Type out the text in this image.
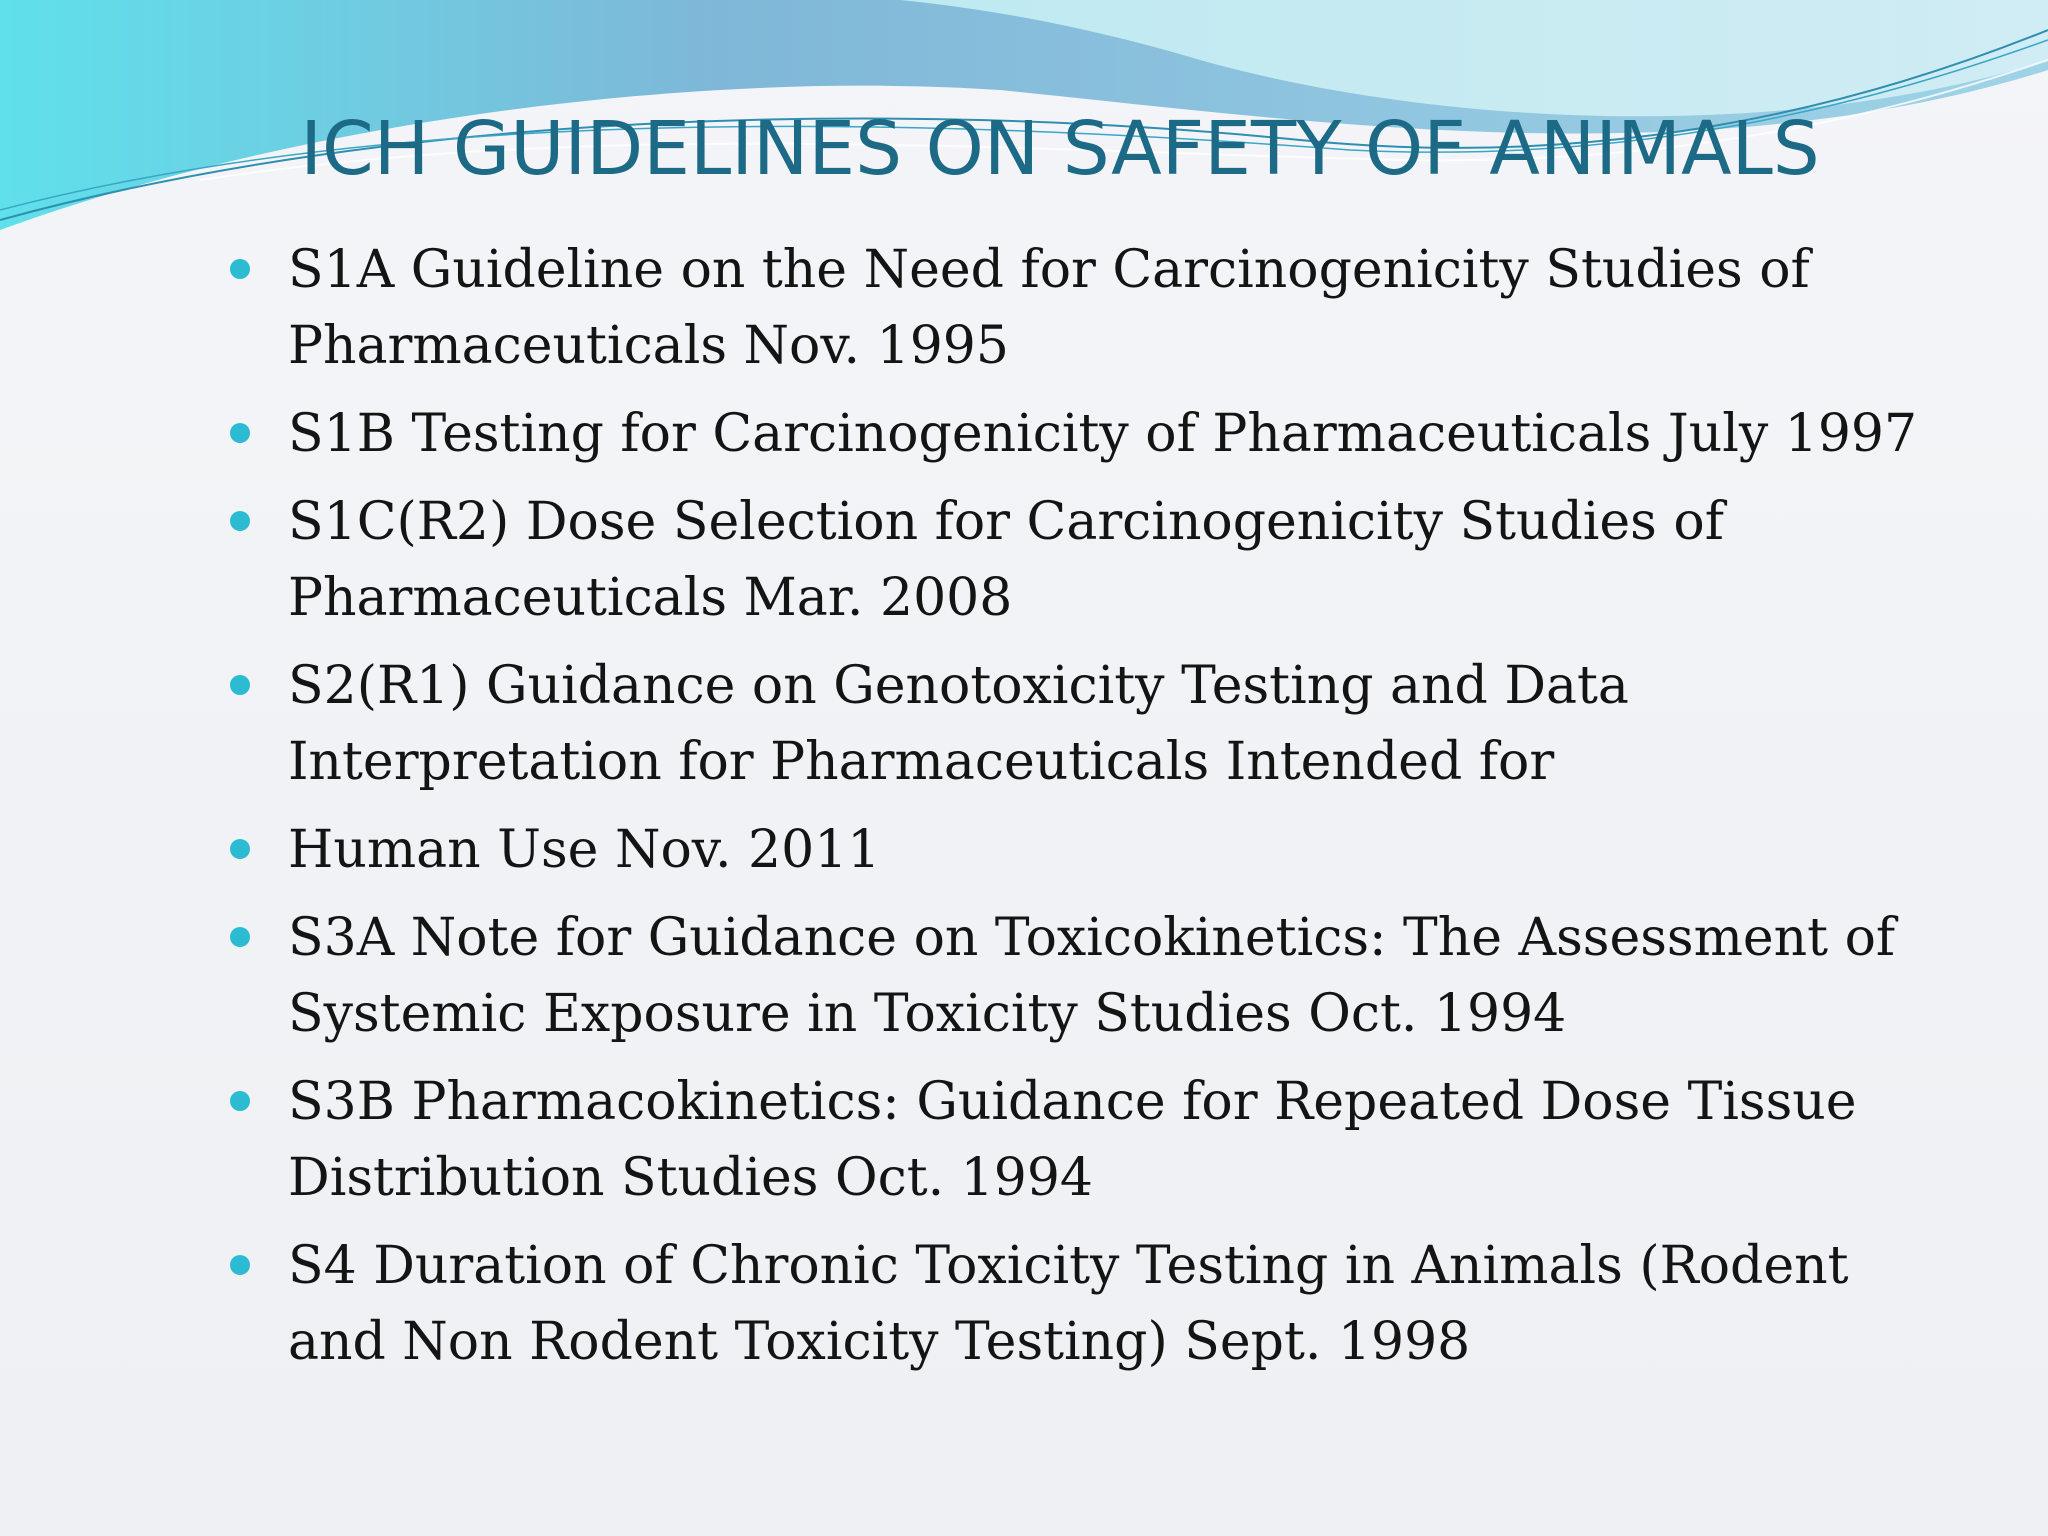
ICH GUIDELINES ON SAFETY OF ANIMALS
S1A Guideline on the Need for Carcinogenicity Studies of Pharmaceuticals Nov. 1995
S1B Testing for Carcinogenicity of Pharmaceuticals July 1997
S1C(R2) Dose Selection for Carcinogenicity Studies of Pharmaceuticals Mar. 2008
S2(R1) Guidance on Genotoxicity Testing and Data Interpretation for Pharmaceuticals Intended for
Human Use Nov. 2011
S3A Note for Guidance on Toxicokinetics: The Assessment of Systemic Exposure in Toxicity Studies Oct. 1994
S3B Pharmacokinetics: Guidance for Repeated Dose Tissue Distribution Studies Oct. 1994
S4 Duration of Chronic Toxicity Testing in Animals (Rodent and Non Rodent Toxicity Testing) Sept. 1998
